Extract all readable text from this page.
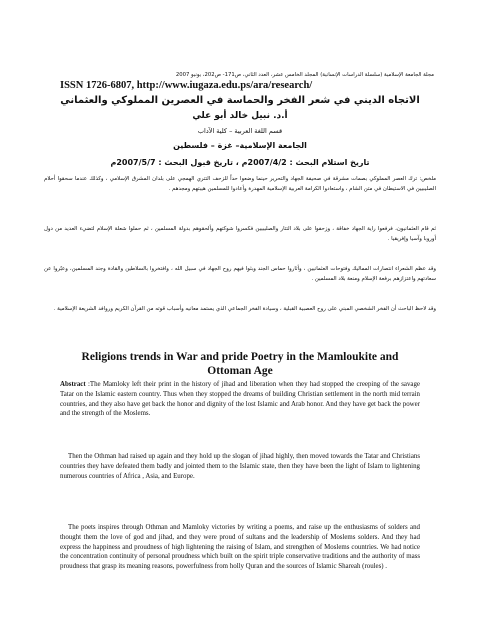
مجلة الجامعة الإسلامية (سلسلة الدراسات الإنسانية) المجلد الخامس عشر، العدد الثاني، ص171- ص202، يونيو 2007
ISSN 1726-6807, http://www.iugaza.edu.ps/ara/research/
الاتجاه الديني في شعر الفخر والحماسة في العصرين المملوكي والعثماني
أ.د. نبيل خالد أبو علي
قسم اللغة العربية – كلية الآداب
الجامعة الإسلامية– غزة – فلسطين
تاريخ استلام البحث : 2007/4/2م ، تاريخ قبول البحث : 2007/5/7م

ملخص: ترك العصر المملوكي بصمات مشرقة في صحيفة الجهاد والتحرير حينما وضعوا حداً للزحف التتري الهمجي على بلدان المشرق الإسلامي ، وكذلك عندما سحقوا أحلام الصليبيين في الاستيطان في متن الشام ، واستعادوا الكرامة العربية الإسلامية المهدرة وأعادوا للمسلمين هيبتهم ومجدهم .

ثم قام العثمانيون، فرفعوا راية الجهاد خفاقة ، وزحفوا على بلاد التتار والصليبيين فكسروا شوكتهم وألحقوهم بدولة المسلمين ، ثم حملوا شعلة الإسلام لتضيء العديد من دول أوروبا وآسيا وإفريقيا .

وقد عظم الشعراء انتصارات المماليك وفتوحات العثمانيين ، وأثاروا حماس الجند وبثوا فيهم روح الجهاد في سبيل الله ، وافتخروا بالسلاطين والقادة وجند المسلمين، وعبّروا عن سعادتهم واعتزازهم برفعة الإسلام ومنعة بلاد المسلمين .

وقد لاحظ الباحث أن الفخر الشخصي المبني على روح العصبية القبلية ، وسيادة الفخر الجماعي الذي يستمد معانيه وأسباب قوته من القرآن الكريم وروافد الشريعة الإسلامية .

Religions trends in War and pride Poetry in the Mamloukite and Ottoman Age

Abstract :The Mamloky left their print in the history of jihad and liberation when they had stopped the creeping of the savage Tatar on the Islamic eastern country. Thus when they stopped the dreams of building Christian settlement in the north mid terrain countries, and they also have get back the honor and dignity of the lost Islamic and Arab honor. And they have get back the power and the strength of the Moslems.

Then the Othman had raised up again and they hold up the slogan of jihad highly, then moved towards the Tatar and Christians countries they have defeated them badly and jointed them to the Islamic state, then they have been the light of Islam to lightening numerous countries of Africa , Asia, and Europe.

The poets inspires through Othman and Mamloky victories by writing a poems, and raise up the enthusiasms of solders and thought them the love of god and jihad, and they were proud of sultans and the leadership of Moslems solders. And they had express the happiness and proudness of high lightening the raising of Islam, and strengthen of Moslems countries. We had notice the concentration continuity of personal proudness which built on the spirit triple conservative traditions and the authority of mass proudness that grasp its meaning reasons, powerfulness from holly Quran and the sources of Islamic Shareah (roules) .
